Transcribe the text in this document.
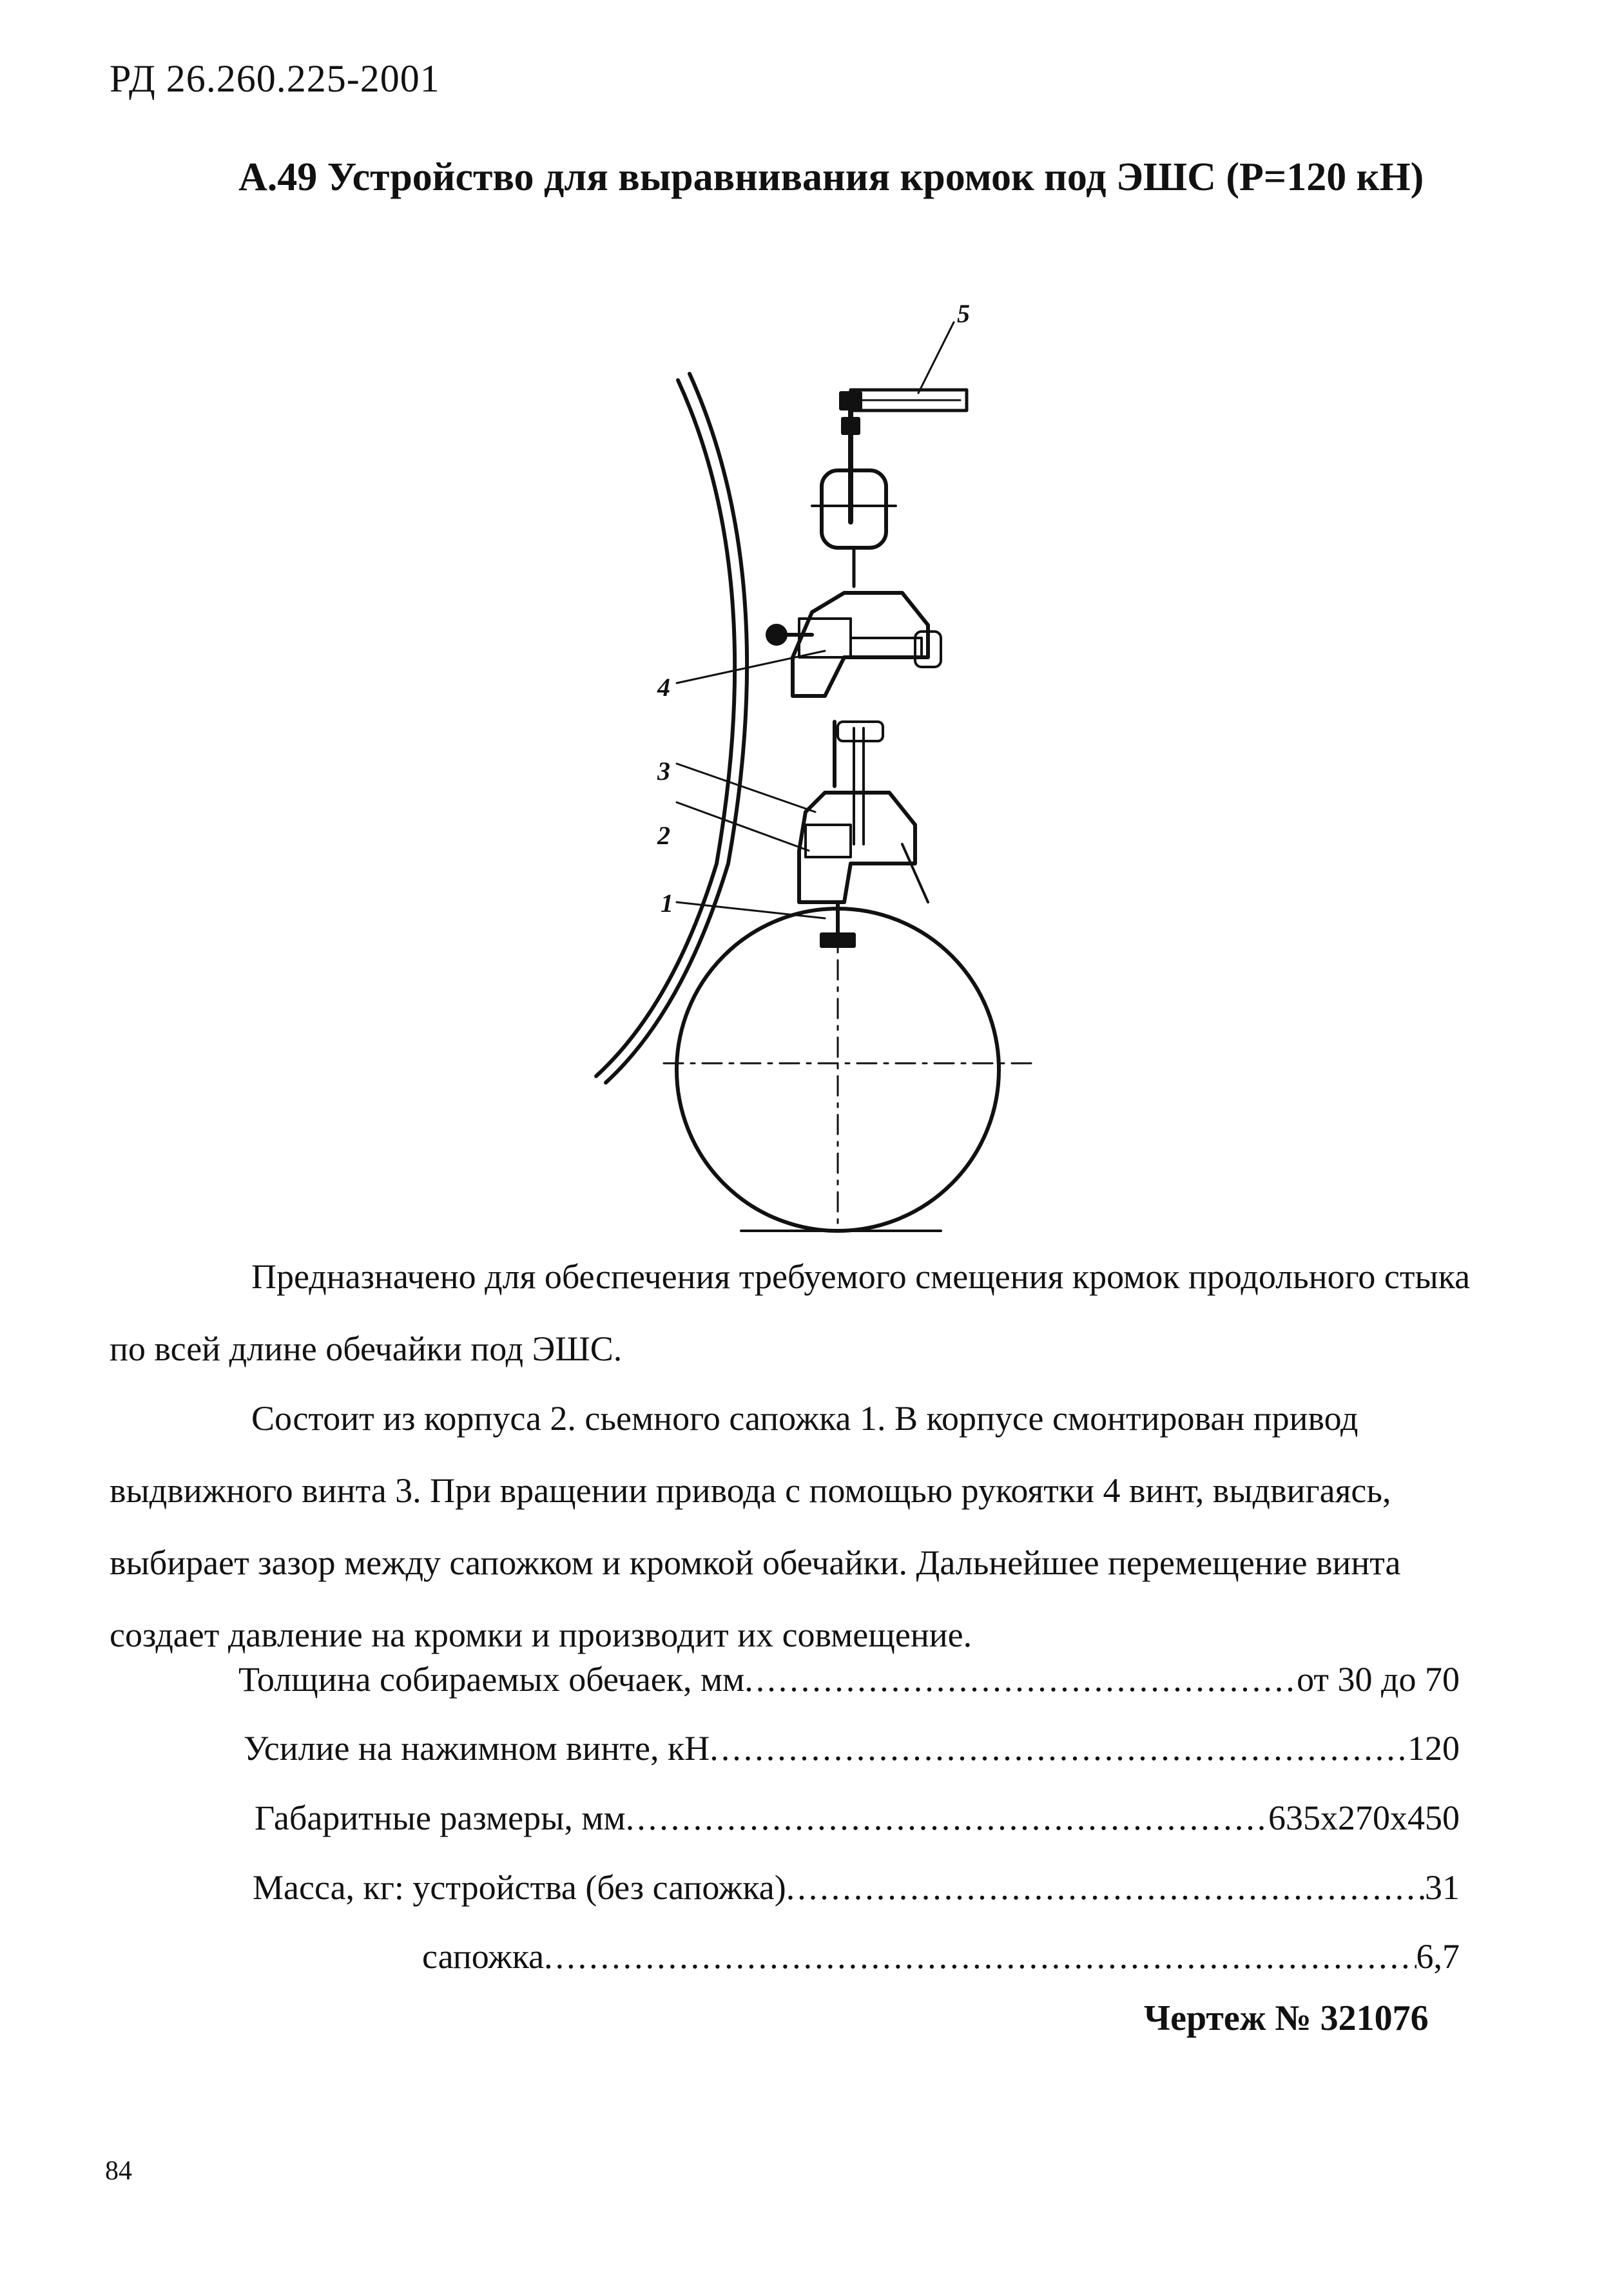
РД 26.260.225-2001
А.49 Устройство для выравнивания кромок под ЭШС (Р=120 кН)
5
4
3
2
1
Предназначено для обеспечения требуемого смещения кромок продольного стыка по всей длине обечайки под ЭШС.
Состоит из корпуса 2. сьемного сапожка 1. В корпусе смонтирован привод выдвижного винта 3. При вращении привода с помощью рукоятки 4 винт, выдвигаясь, выбирает зазор между сапожком и кромкой обечайки. Дальнейшее перемещение винта создает давление на кромки и производит их совмещение.
Толщина собираемых обечаек, мм .....	от 30 до 70
Усилие на нажимном винте, кН .....	120
Габаритные размеры, мм .....	635x270x450
Масса, кг: устройства (без сапожка) .....	31
сапожка .....	6,7
Чертеж № 321076
84
